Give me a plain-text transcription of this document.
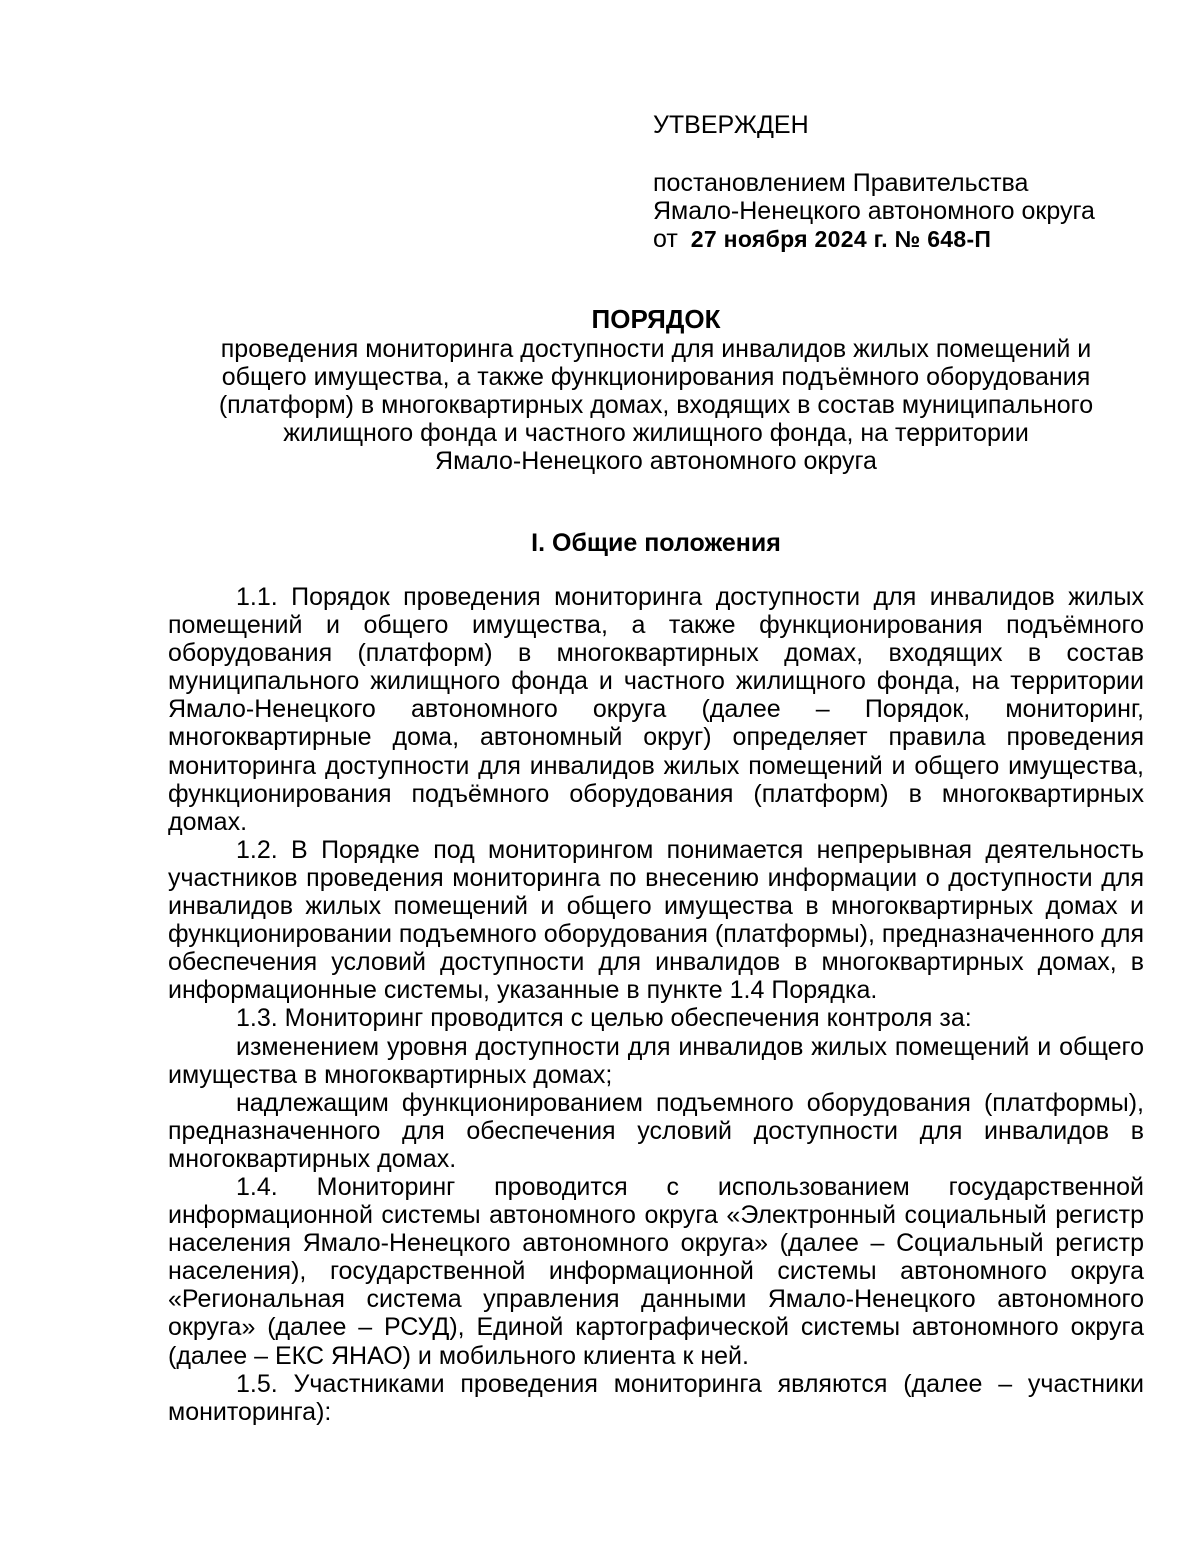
УТВЕРЖДЕН
постановлением Правительства
Ямало-Ненецкого автономного округа
от 27 ноября 2024 г. № 648-П
ПОРЯДОК
проведения мониторинга доступности для инвалидов жилых помещений и
общего имущества, а также функционирования подъёмного оборудования
(платформ) в многоквартирных домах, входящих в состав муниципального
жилищного фонда и частного жилищного фонда, на территории
Ямало-Ненецкого автономного округа
I. Общие положения

1.1. Порядок проведения мониторинга доступности для инвалидов жилых помещений и общего имущества, а также функционирования подъёмного оборудования (платформ) в многоквартирных домах, входящих в состав муниципального жилищного фонда и частного жилищного фонда, на территории Ямало-Ненецкого автономного округа (далее – Порядок, мониторинг, многоквартирные дома, автономный округ) определяет правила проведения мониторинга доступности для инвалидов жилых помещений и общего имущества, функционирования подъёмного оборудования (платформ) в многоквартирных домах.

1.2. В Порядке под мониторингом понимается непрерывная деятельность участников проведения мониторинга по внесению информации о доступности для инвалидов жилых помещений и общего имущества в многоквартирных домах и функционировании подъемного оборудования (платформы), предназначенного для обеспечения условий доступности для инвалидов в многоквартирных домах, в информационные системы, указанные в пункте 1.4 Порядка.

1.3. Мониторинг проводится с целью обеспечения контроля за:

изменением уровня доступности для инвалидов жилых помещений и общего имущества в многоквартирных домах;

надлежащим функционированием подъемного оборудования (платформы), предназначенного для обеспечения условий доступности для инвалидов в многоквартирных домах.

1.4. Мониторинг проводится с использованием государственной информационной системы автономного округа «Электронный социальный регистр населения Ямало-Ненецкого автономного округа» (далее – Социальный регистр населения), государственной информационной системы автономного округа «Региональная система управления данными Ямало-Ненецкого автономного округа» (далее – РСУД), Единой картографической системы автономного округа (далее – ЕКС ЯНАО) и мобильного клиента к ней.

1.5. Участниками проведения мониторинга являются (далее – участники мониторинга):
